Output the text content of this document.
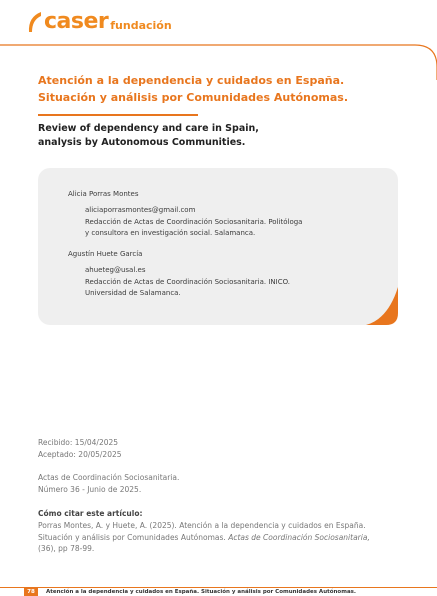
caser fundación
Atención a la dependencia y cuidados en España.
Situación y análisis por Comunidades Autónomas.
Review of dependency and care in Spain,
analysis by Autonomous Communities.
Alicia Porras Montes
aliciaporrasmontes@gmail.com
Redacción de Actas de Coordinación Sociosanitaria. Politóloga
y consultora en investigación social. Salamanca.
Agustín Huete García
ahueteg@usal.es
Redacción de Actas de Coordinación Sociosanitaria. INICO.
Universidad de Salamanca.
Recibido: 15/04/2025
Aceptado: 20/05/2025
Actas de Coordinación Sociosanitaria.
Número 36 - Junio de 2025.
Cómo citar este artículo:
Porras Montes, A. y Huete, A. (2025). Atención a la dependencia y cuidados en España.
Situación y análisis por Comunidades Autónomas. Actas de Coordinación Sociosanitaria,
(36), pp 78-99.
78	Atención a la dependencia y cuidados en España. Situación y análisis por Comunidades Autónomas.
